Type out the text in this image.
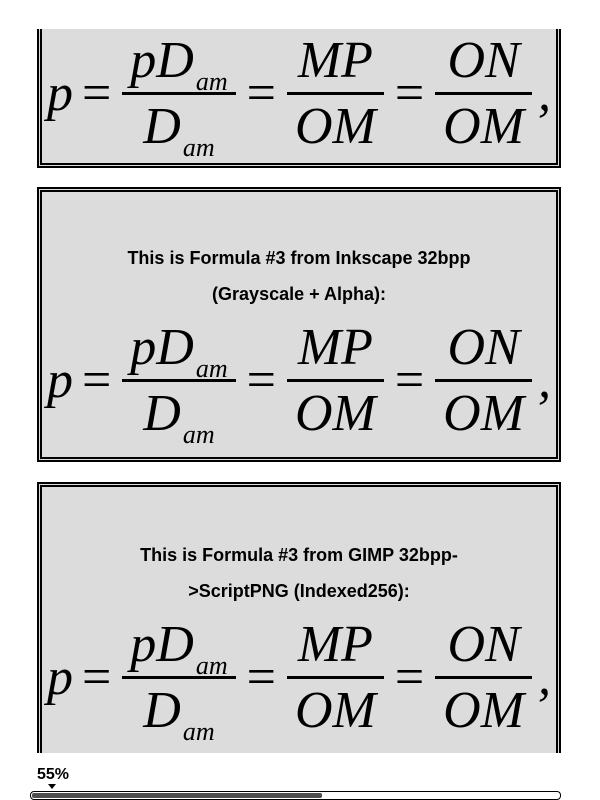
$p = \frac{pD_{am}}{D_{am}} = \frac{MP}{OM} = \frac{ON}{OM}$ ,
This is Formula #3 from Inkscape 32bpp
(Grayscale + Alpha):
$p = \frac{pD_{am}}{D_{am}} = \frac{MP}{OM} = \frac{ON}{OM}$ ,
This is Formula #3 from GIMP 32bpp-
>ScriptPNG (Indexed256):
$p = \frac{pD_{am}}{D_{am}} = \frac{MP}{OM} = \frac{ON}{OM}$ ,
55%
